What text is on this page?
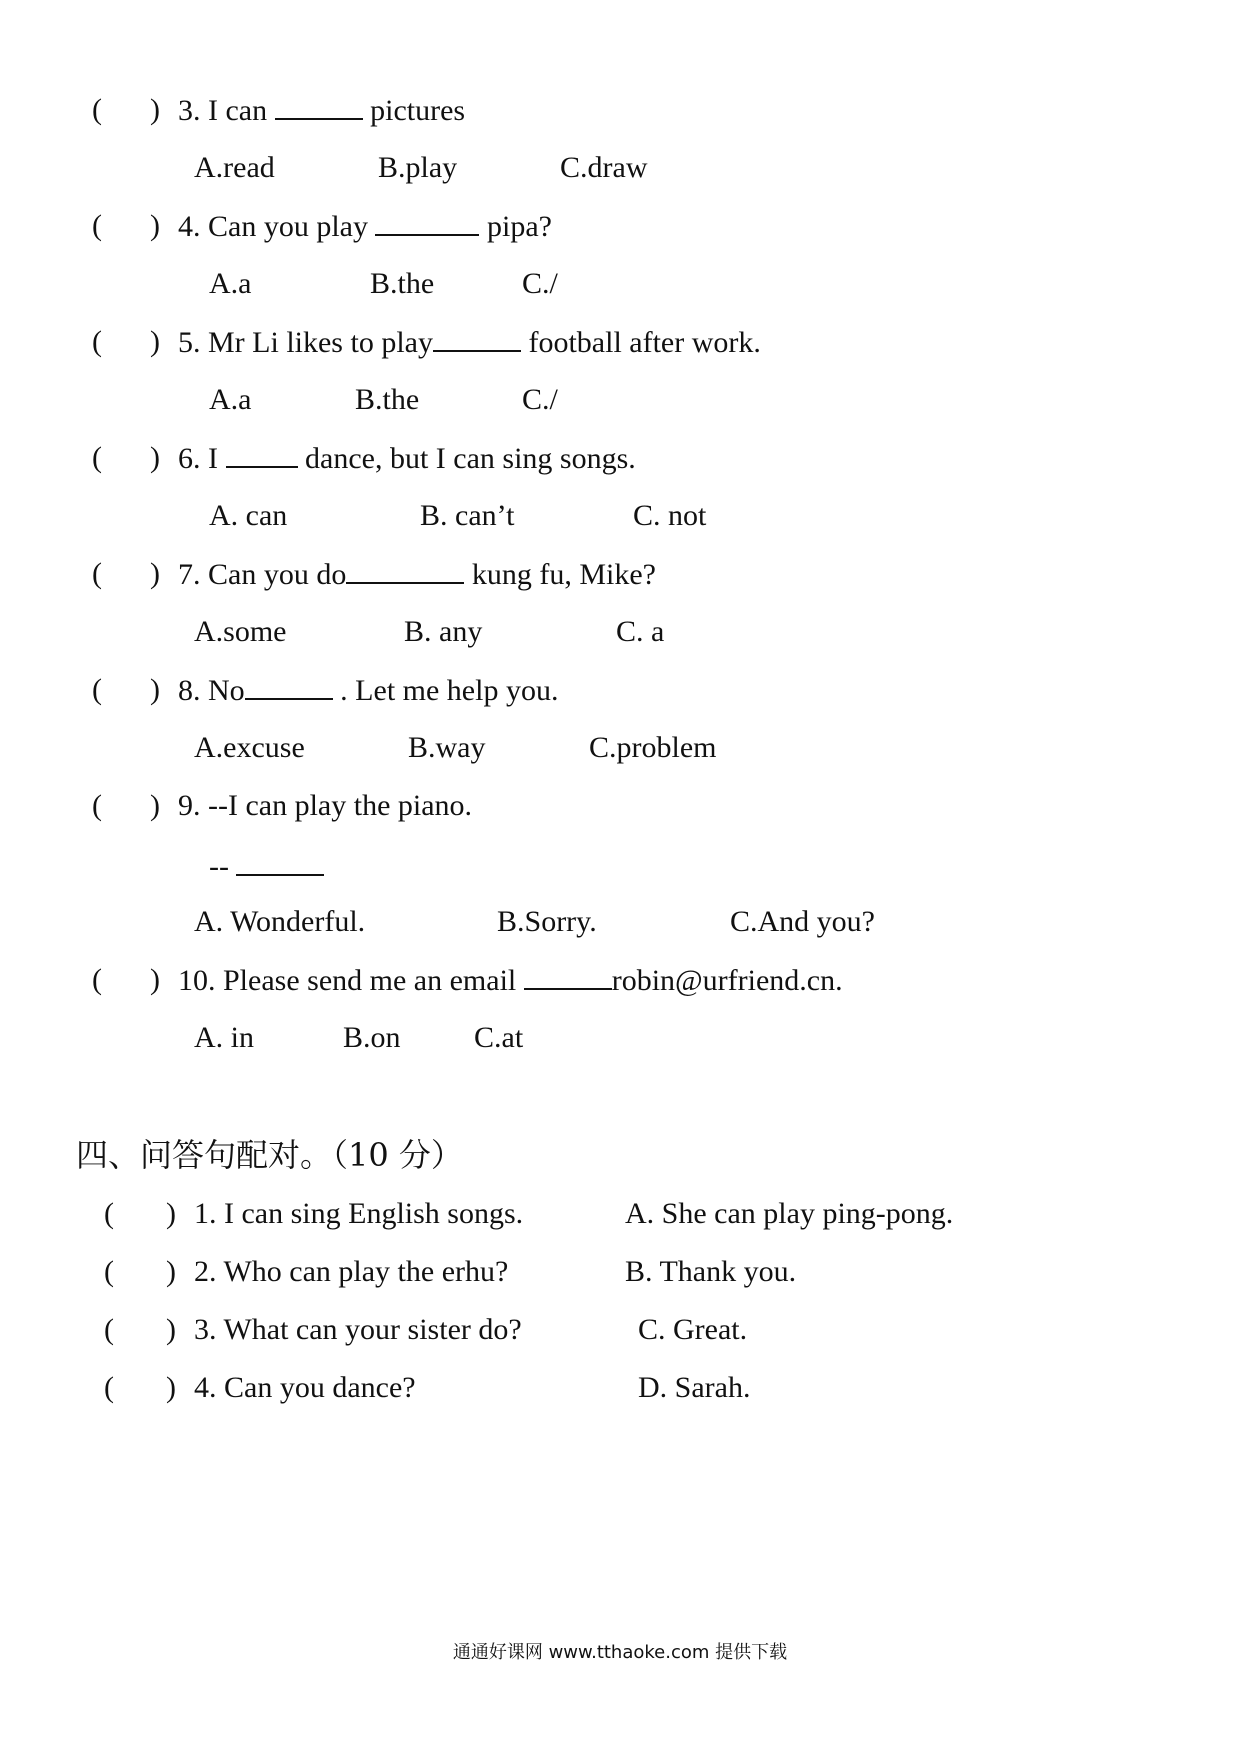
( ) 3. I can	pictures
A.read	B.play	C.draw
( ) 4. Can you play	pipa?
A.a	B.the	C./
( ) 5. Mr Li likes to play	football after work.
A.a	B.the	C./
( ) 6. I	dance, but I can sing songs.
A. can	B. can’t	C. not
( ) 7. Can you do	kung fu, Mike?
A.some	B. any	C. a
( ) 8. No	. Let me help you.
A.excuse	B.way	C.problem
( ) 9. --I can play the piano.
--
A. Wonderful.	B.Sorry.	C.And you?
( ) 10. Please send me an email	robin@urfriend.cn.
A. in	B.on C.at
四、问答句配对。（10 分）
( ) 1. I can sing English songs.	A. She can play ping-pong.
( ) 2. Who can play the erhu?	B. Thank you.
( ) 3. What can your sister do?	C. Great.
( ) 4. Can you dance?	D. Sarah.
通通好课网 www.tthaoke.com 提供下载
